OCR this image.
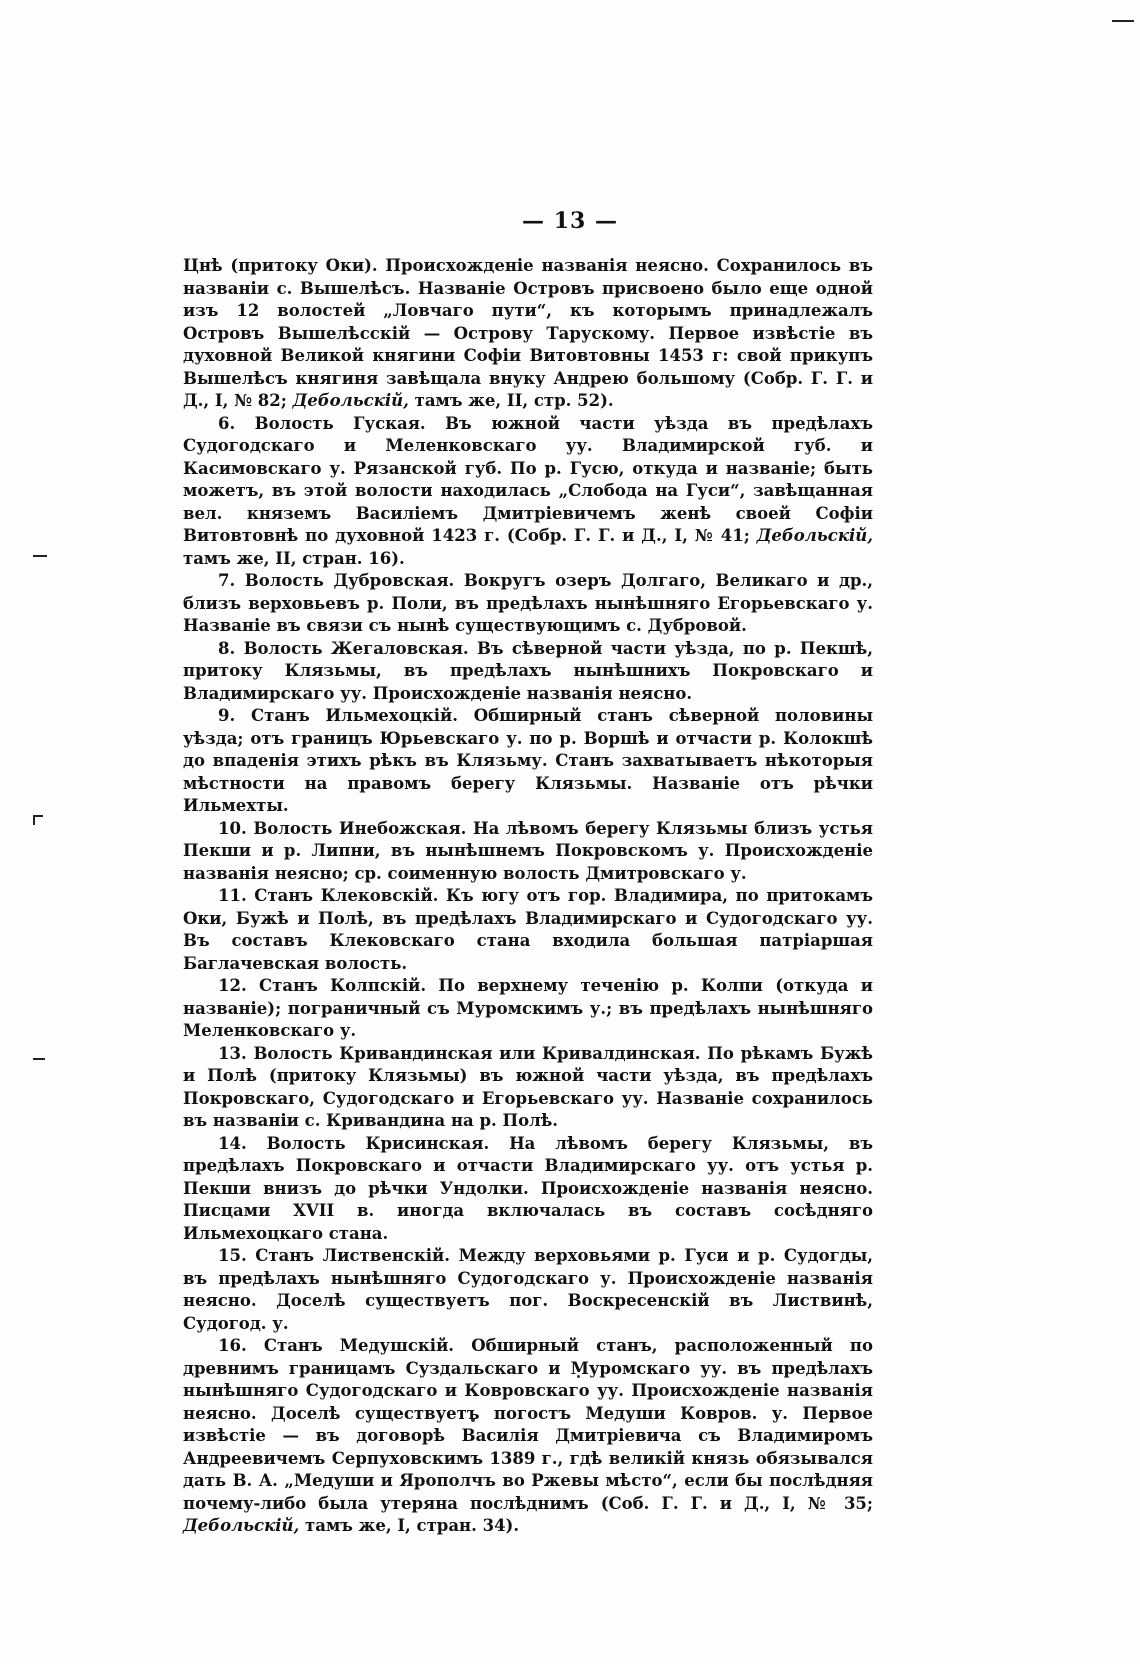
— 13 —

Цнѣ (притоку Оки). Происхожденіе названія неясно. Сохранилось въ названіи с. Вышелѣсъ. Названіе Островъ присвоено было еще одной изъ 12 волостей „Ловчаго пути“, къ которымъ принадлежалъ Островъ Вышелѣсскій — Острову Тарускому. Первое извѣстіе въ духовной Великой княгини Софіи Витовтовны 1453 г: свой прикупъ Вышелѣсъ княгиня завѣщала внуку Андрею большому (Собр. Г. Г. и Д., I, № 82; Дебольскій, тамъ же, II, стр. 52).

6. Волость Гуская. Въ южной части уѣзда въ предѣлахъ Судогодскаго и Меленковскаго уу. Владимирской губ. и Касимовскаго у. Рязанской губ. По р. Гусю, откуда и названіе; быть можетъ, въ этой волости находилась „Слобода на Гуси“, завѣщанная вел. княземъ Василіемъ Дмитріевичемъ женѣ своей Софіи Витовтовнѣ по духовной 1423 г. (Собр. Г. Г. и Д., I, № 41; Дебольскій, тамъ же, II, стран. 16).

7. Волость Дубровская. Вокругъ озеръ Долгаго, Великаго и др., близъ верховьевъ р. Поли, въ предѣлахъ нынѣшняго Егорьевскаго у. Названіе въ связи съ нынѣ существующимъ с. Дубровой.

8. Волость Жегаловская. Въ сѣверной части уѣзда, по р. Пекшѣ, притоку Клязьмы, въ предѣлахъ нынѣшнихъ Покровскаго и Владимирскаго уу. Происхожденіе названія неясно.

9. Станъ Ильмехоцкій. Обширный станъ сѣверной половины уѣзда; отъ границъ Юрьевскаго у. по р. Воршѣ и отчасти р. Колокшѣ до впаденія этихъ рѣкъ въ Клязьму. Станъ захватываетъ нѣкоторыя мѣстности на правомъ берегу Клязьмы. Названіе отъ рѣчки Ильмехты.

10. Волость Инебожская. На лѣвомъ берегу Клязьмы близъ устья Пекши и р. Липни, въ нынѣшнемъ Покровскомъ у. Происхожденіе названія неясно; ср. соименную волость Дмитровскаго у.

11. Станъ Клековскій. Къ югу отъ гор. Владимира, по притокамъ Оки, Бужѣ и Полѣ, въ предѣлахъ Владимирскаго и Судогодскаго уу. Въ составъ Клековскаго стана входила большая патріаршая Баглачевская волость.

12. Станъ Колпскій. По верхнему теченію р. Колпи (откуда и названіе); пограничный съ Муромскимъ у.; въ предѣлахъ нынѣшняго Меленковскаго у.

13. Волость Кривандинская или Кривалдинская. По рѣкамъ Бужѣ и Полѣ (притоку Клязьмы) въ южной части уѣзда, въ предѣлахъ Покровскаго, Судогодскаго и Егорьевскаго уу. Названіе сохранилось въ названіи с. Кривандина на р. Полѣ.

14. Волость Крисинская. На лѣвомъ берегу Клязьмы, въ предѣлахъ Покровскаго и отчасти Владимирскаго уу. отъ устья р. Пекши внизъ до рѣчки Ундолки. Происхожденіе названія неясно. Писцами XVII в. иногда включалась въ составъ сосѣдняго Ильмехоцкаго стана.

15. Станъ Лиственскій. Между верховьями р. Гуси и р. Судогды, въ предѣлахъ нынѣшняго Судогодскаго у. Происхожденіе названія неясно. Доселѣ существуетъ пог. Воскресенскій въ Листвинѣ, Судогод. у.

16. Станъ Медушскій. Обширный станъ, расположенный по древнимъ границамъ Суздальскаго и Муромскаго уу. въ предѣлахъ нынѣшняго Судогодскаго и Ковровскаго уу. Происхожденіе названія неясно. Доселѣ существуетъ погостъ Медуши Ковров. у. Первое извѣстіе — въ договорѣ Василія Дмитріевича съ Владимиромъ Андреевичемъ Серпуховскимъ 1389 г., гдѣ великій князь обязывался дать В. А. „Медуши и Ярополчъ во Ржевы мѣсто“, если бы послѣдняя почему-либо была утеряна послѣднимъ (Соб. Г. Г. и Д., I, № 35; Дебольскій, тамъ же, I, стран. 34).
